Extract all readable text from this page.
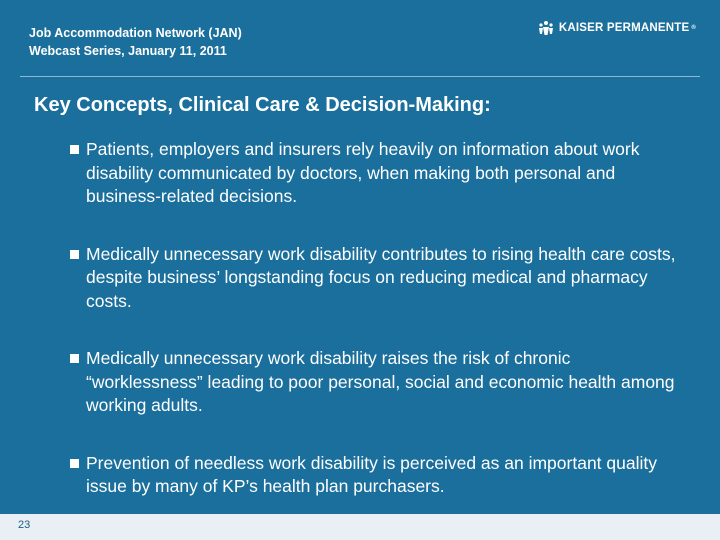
Job Accommodation Network (JAN)
Webcast Series, January 11, 2011
KAISER PERMANENTE ®
Key Concepts, Clinical Care & Decision-Making:
Patients, employers and insurers rely heavily on information about work disability communicated by doctors, when making both personal and business-related decisions.
Medically unnecessary work disability contributes to rising health care costs, despite business’ longstanding focus on reducing medical and pharmacy costs.
Medically unnecessary work disability raises the risk of chronic “worklessness” leading to poor personal, social and economic health among working adults.
Prevention of needless work disability is perceived as an important quality issue by many of KP’s health plan purchasers.
23
